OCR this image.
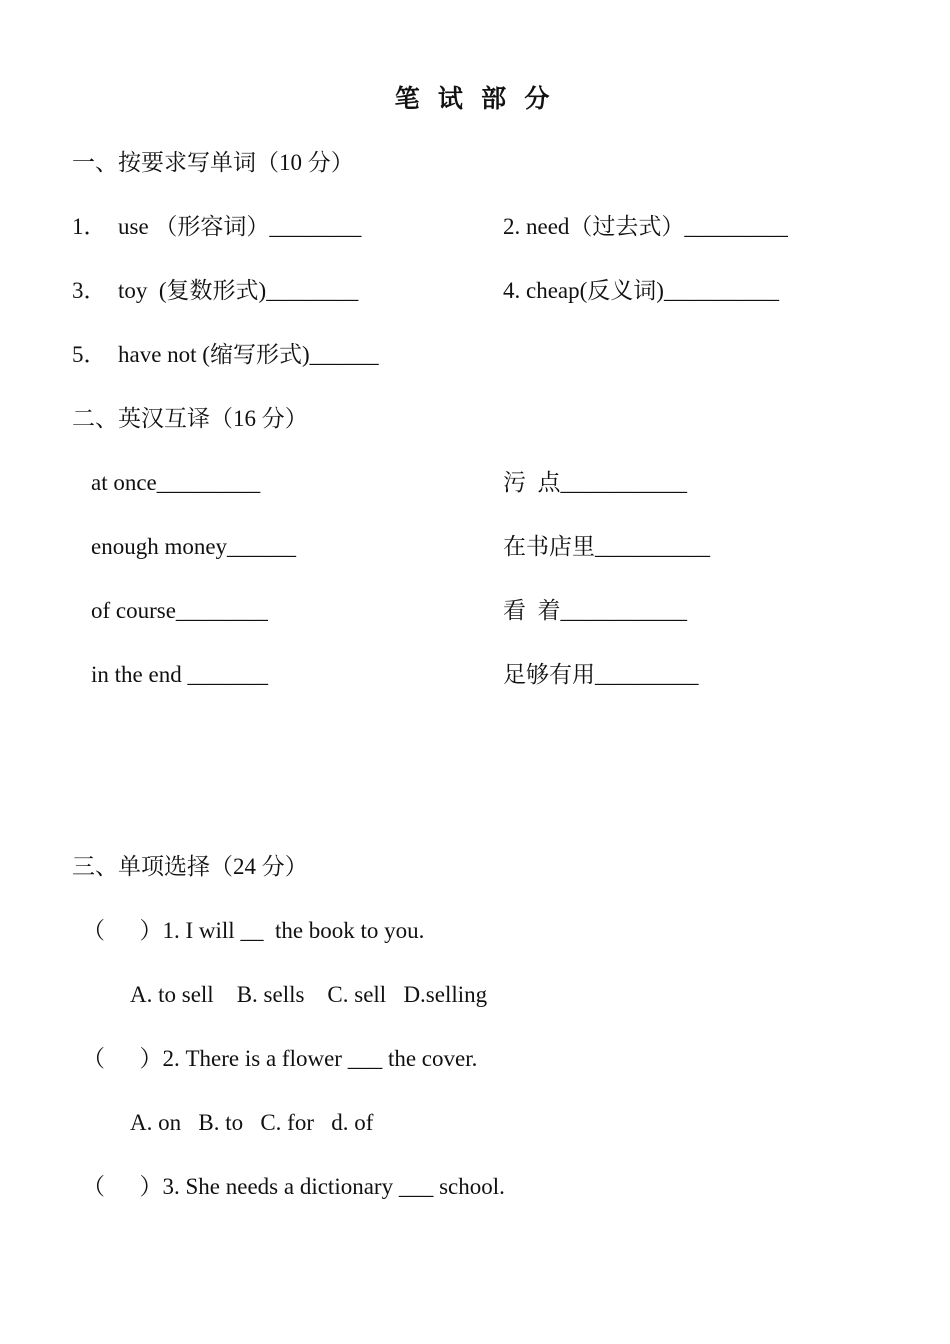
笔 试 部 分
一、按要求写单词（10 分）
1．  use （形容词）________	2. need（过去式）_________
3．  toy  (复数形式)________	4. cheap(反义词)__________
5．  have not (缩写形式)______
二、英汉互译（16 分）
at once_________	污  点___________
enough money______	在书店里__________
of course________	看  着___________
in the end _______	足够有用_________
三、单项选择（24 分）
（      ）1. I will __  the book to you.
A. to sell    B. sells    C. sell   D.selling
（      ）2. There is a flower ___ the cover.
A. on   B. to   C. for   d. of
（      ）3. She needs a dictionary ___ school.
